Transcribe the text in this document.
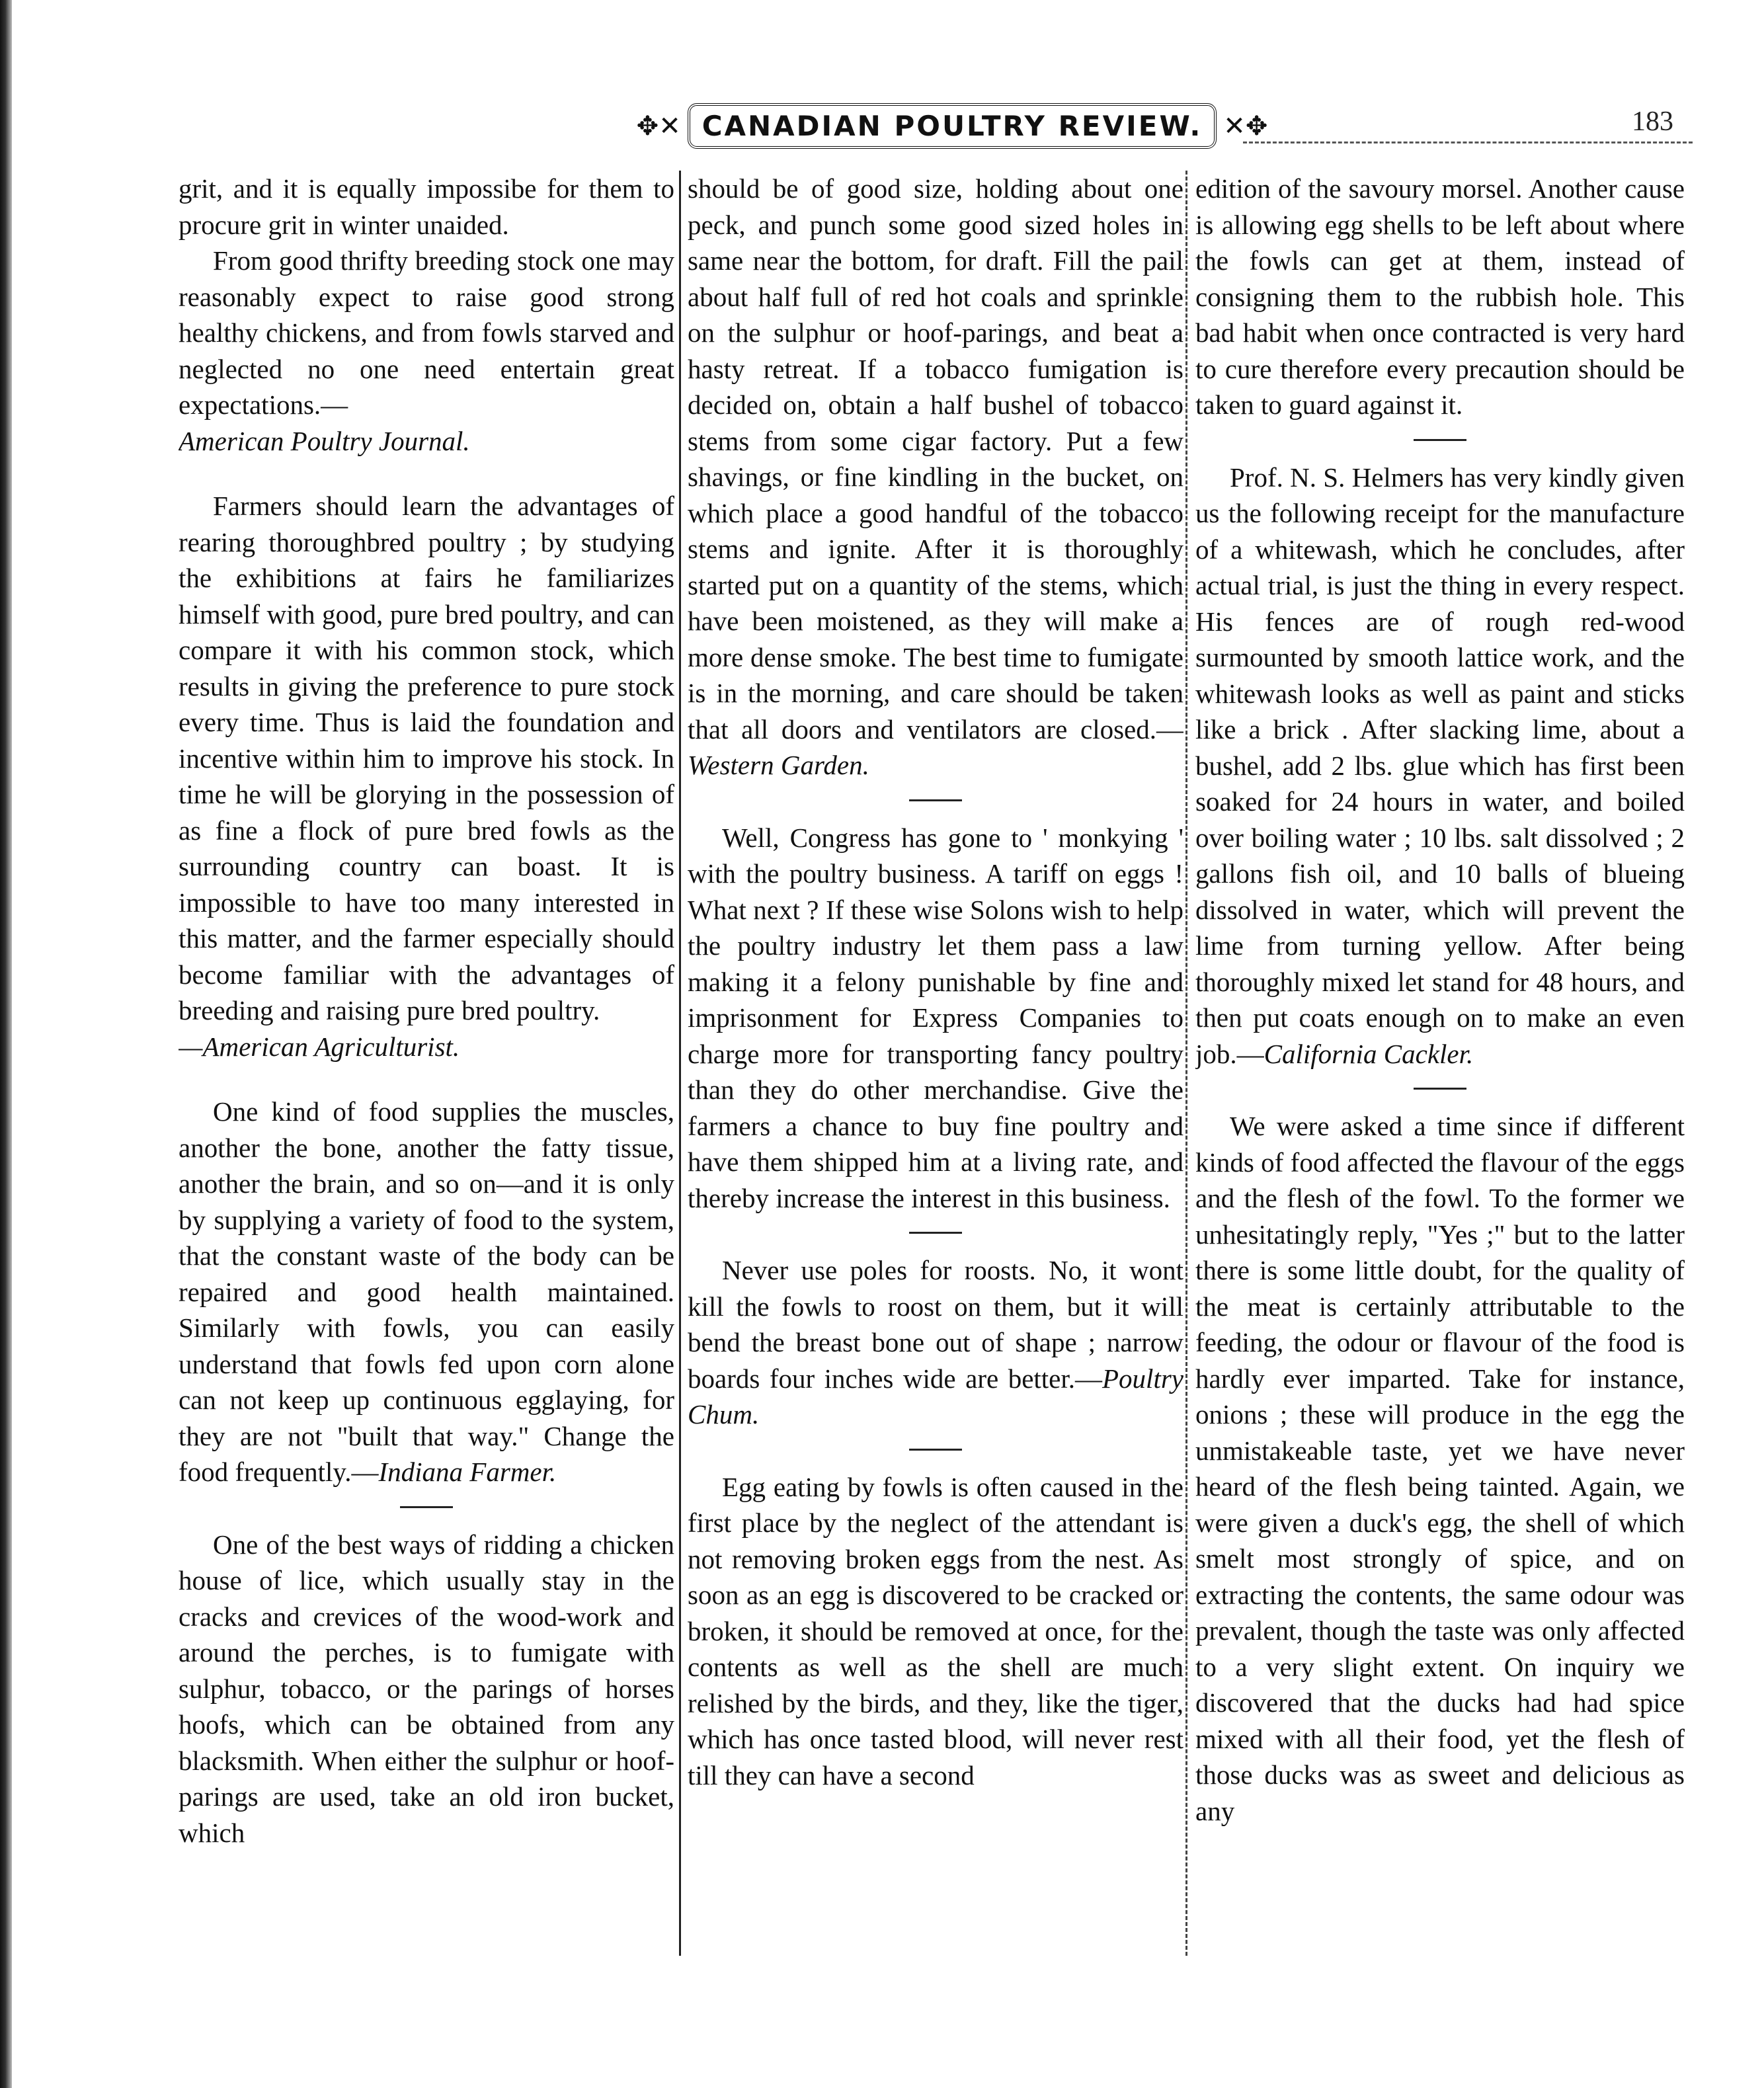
✥✕ CANADIAN POULTRY REVIEW. ✕✥	183

grit, and it is equally impossibe for them to procure grit in winter unaided.

From good thrifty breeding stock one may reasonably expect to raise good strong healthy chickens, and from fowls starved and neglected no one need entertain great expectations.—
American Poultry Journal.

Farmers should learn the advantages of rearing thoroughbred poultry ; by studying the exhibitions at fairs he familiarizes himself with good, pure bred poultry, and can compare it with his common stock, which results in giving the preference to pure stock every time. Thus is laid the foundation and incentive within him to improve his stock. In time he will be glorying in the possession of as fine a flock of pure bred fowls as the surrounding country can boast. It is impossible to have too many interested in this matter, and the farmer especially should become familiar with the advantages of breeding and raising pure bred poultry.
—American Agriculturist.

One kind of food supplies the muscles, another the bone, another the fatty tissue, another the brain, and so on—and it is only by supplying a variety of food to the system, that the constant waste of the body can be repaired and good health maintained. Similarly with fowls, you can easily understand that fowls fed upon corn alone can not keep up continuous egglaying, for they are not "built that way." Change the food frequently.—Indiana Farmer.

One of the best ways of ridding a chicken house of lice, which usually stay in the cracks and crevices of the wood-work and around the perches, is to fumigate with sulphur, tobacco, or the parings of horses hoofs, which can be obtained from any blacksmith. When either the sulphur or hoof-parings are used, take an old iron bucket, which

should be of good size, holding about one peck, and punch some good sized holes in same near the bottom, for draft. Fill the pail about half full of red hot coals and sprinkle on the sulphur or hoof-parings, and beat a hasty retreat. If a tobacco fumigation is decided on, obtain a half bushel of tobacco stems from some cigar factory. Put a few shavings, or fine kindling in the bucket, on which place a good handful of the tobacco stems and ignite. After it is thoroughly started put on a quantity of the stems, which have been moistened, as they will make a more dense smoke. The best time to fumigate is in the morning, and care should be taken that all doors and ventilators are closed.—Western Garden.

Well, Congress has gone to ' monkying ' with the poultry business. A tariff on eggs ! What next ? If these wise Solons wish to help the poultry industry let them pass a law making it a felony punishable by fine and imprisonment for Express Companies to charge more for transporting fancy poultry than they do other merchandise. Give the farmers a chance to buy fine poultry and have them shipped him at a living rate, and thereby increase the interest in this business.

Never use poles for roosts. No, it wont kill the fowls to roost on them, but it will bend the breast bone out of shape ; narrow boards four inches wide are better.—Poultry Chum.

Egg eating by fowls is often caused in the first place by the neglect of the attendant is not removing broken eggs from the nest. As soon as an egg is discovered to be cracked or broken, it should be removed at once, for the contents as well as the shell are much relished by the birds, and they, like the tiger, which has once tasted blood, will never rest till they can have a second

edition of the savoury morsel. Another cause is allowing egg shells to be left about where the fowls can get at them, instead of consigning them to the rubbish hole. This bad habit when once contracted is very hard to cure therefore every precaution should be taken to guard against it.

Prof. N. S. Helmers has very kindly given us the following receipt for the manufacture of a whitewash, which he concludes, after actual trial, is just the thing in every respect. His fences are of rough red-wood surmounted by smooth lattice work, and the whitewash looks as well as paint and sticks like a brick . After slacking lime, about a bushel, add 2 lbs. glue which has first been soaked for 24 hours in water, and boiled over boiling water ; 10 lbs. salt dissolved ; 2 gallons fish oil, and 10 balls of blueing dissolved in water, which will prevent the lime from turning yellow. After being thoroughly mixed let stand for 48 hours, and then put coats enough on to make an even job.—California Cackler.

We were asked a time since if different kinds of food affected the flavour of the eggs and the flesh of the fowl. To the former we unhesitatingly reply, "Yes ;" but to the latter there is some little doubt, for the quality of the meat is certainly attributable to the feeding, the odour or flavour of the food is hardly ever imparted. Take for instance, onions ; these will produce in the egg the unmistakeable taste, yet we have never heard of the flesh being tainted. Again, we were given a duck's egg, the shell of which smelt most strongly of spice, and on extracting the contents, the same odour was prevalent, though the taste was only affected to a very slight extent. On inquiry we discovered that the ducks had had spice mixed with all their food, yet the flesh of those ducks was as sweet and delicious as any
